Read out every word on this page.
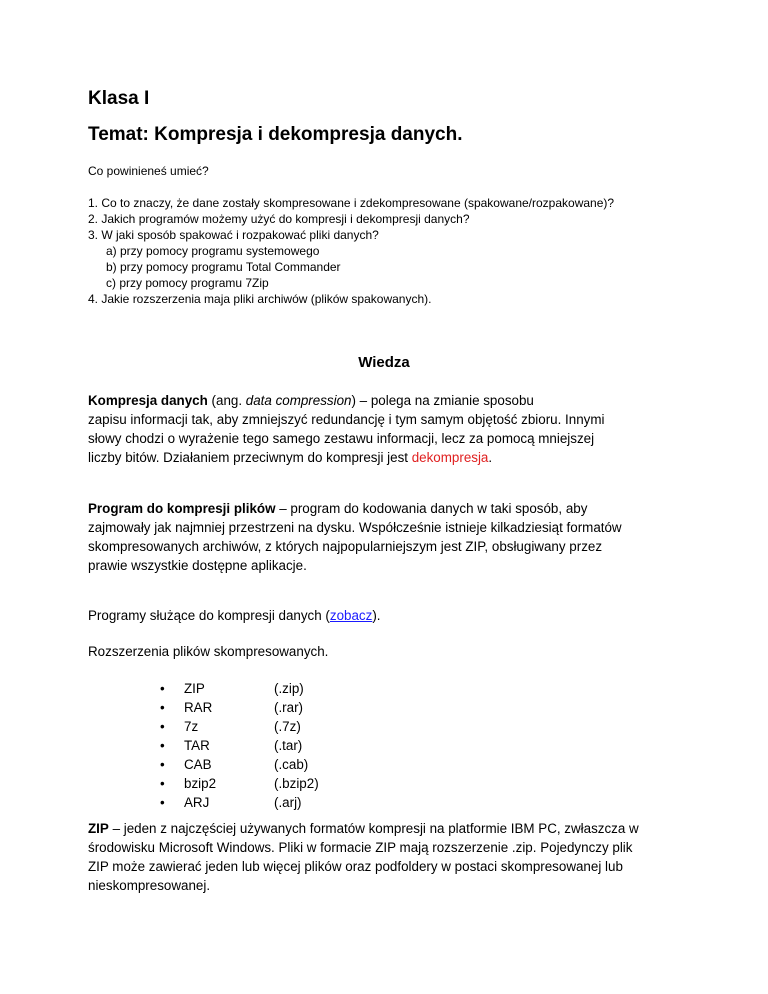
Klasa I
Temat: Kompresja i dekompresja danych.
Co powinieneś umieć?
1. Co to znaczy, że dane zostały skompresowane i zdekompresowane (spakowane/rozpakowane)?
2. Jakich programów możemy użyć do kompresji i dekompresji danych?
3. W jaki sposób spakować i rozpakować pliki danych?
a) przy pomocy programu systemowego
b) przy pomocy programu Total Commander
c) przy pomocy programu 7Zip
4. Jakie rozszerzenia maja pliki archiwów (plików spakowanych).
Wiedza
Kompresja danych (ang. data compression) – polega na zmianie sposobu
zapisu informacji tak, aby zmniejszyć redundancję i tym samym objętość zbioru. Innymi
słowy chodzi o wyrażenie tego samego zestawu informacji, lecz za pomocą mniejszej
liczby bitów. Działaniem przeciwnym do kompresji jest dekompresja.
Program do kompresji plików – program do kodowania danych w taki sposób, aby
zajmowały jak najmniej przestrzeni na dysku. Współcześnie istnieje kilkadziesiąt formatów
skompresowanych archiwów, z których najpopularniejszym jest ZIP, obsługiwany przez
prawie wszystkie dostępne aplikacje.
Programy służące do kompresji danych (zobacz).
Rozszerzenia plików skompresowanych.
• ZIP	(.zip)
• RAR	(.rar)
• 7z	(.7z)
• TAR	(.tar)
• CAB	(.cab)
• bzip2	(.bzip2)
• ARJ	(.arj)
ZIP – jeden z najczęściej używanych formatów kompresji na platformie IBM PC, zwłaszcza w
środowisku Microsoft Windows. Pliki w formacie ZIP mają rozszerzenie .zip. Pojedynczy plik
ZIP może zawierać jeden lub więcej plików oraz podfoldery w postaci skompresowanej lub
nieskompresowanej.
